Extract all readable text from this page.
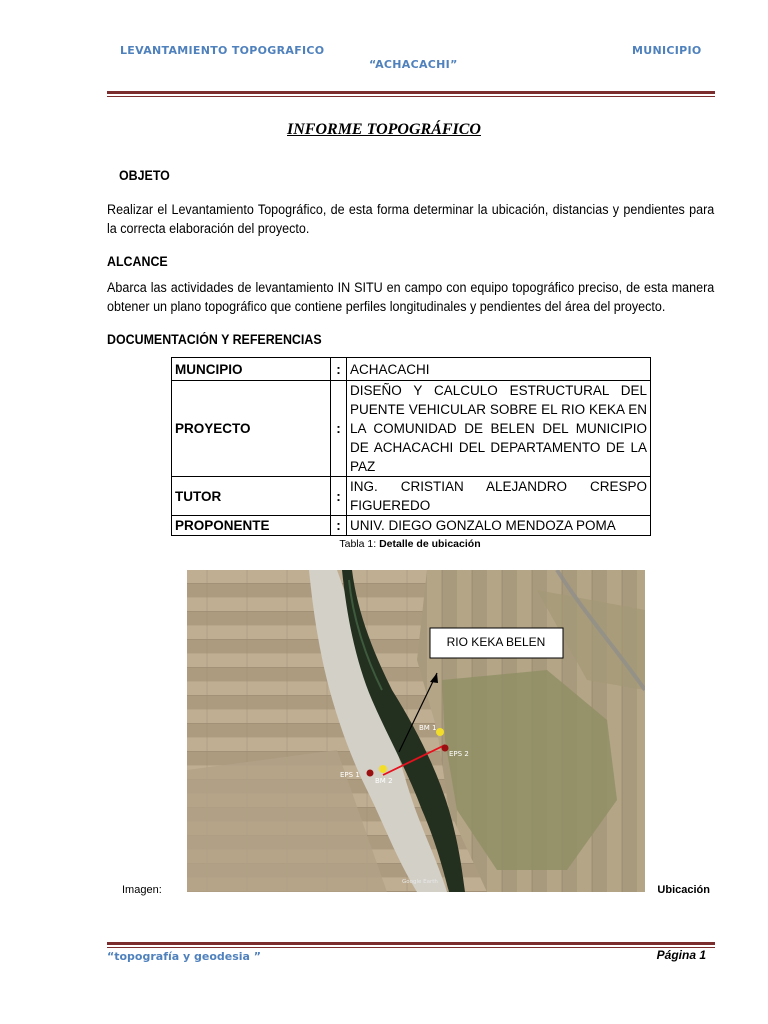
LEVANTAMIENTO TOPOGRAFICO
“ACHACACHI”
MUNICIPIO
INFORME TOPOGRÁFICO
OBJETO
Realizar el Levantamiento Topográfico, de esta forma determinar la ubicación, distancias y pendientes para la correcta elaboración del proyecto.
ALCANCE
Abarca las actividades de levantamiento IN SITU en campo con equipo topográfico preciso, de esta manera obtener un plano topográfico que contiene perfiles longitudinales y pendientes del área del proyecto.
DOCUMENTACIÓN Y REFERENCIAS
MUNCIPIO	:	ACHACACHI
PROYECTO	:	DISEÑO Y CALCULO ESTRUCTURAL DEL PUENTE VEHICULAR SOBRE EL RIO KEKA EN LA COMUNIDAD DE BELEN DEL MUNICIPIO DE ACHACACHI DEL DEPARTAMENTO DE LA PAZ
TUTOR	:	ING. CRISTIAN ALEJANDRO CRESPO FIGUEREDO
PROPONENTE	:	UNIV. DIEGO GONZALO MENDOZA POMA
Tabla 1: Detalle de ubicación
EPS 1
EPS 2
BM 1
BM 2
Google Earth
RIO KEKA BELEN
Imagen:	Ubicación
“topografía y geodesia ”	Página 1
